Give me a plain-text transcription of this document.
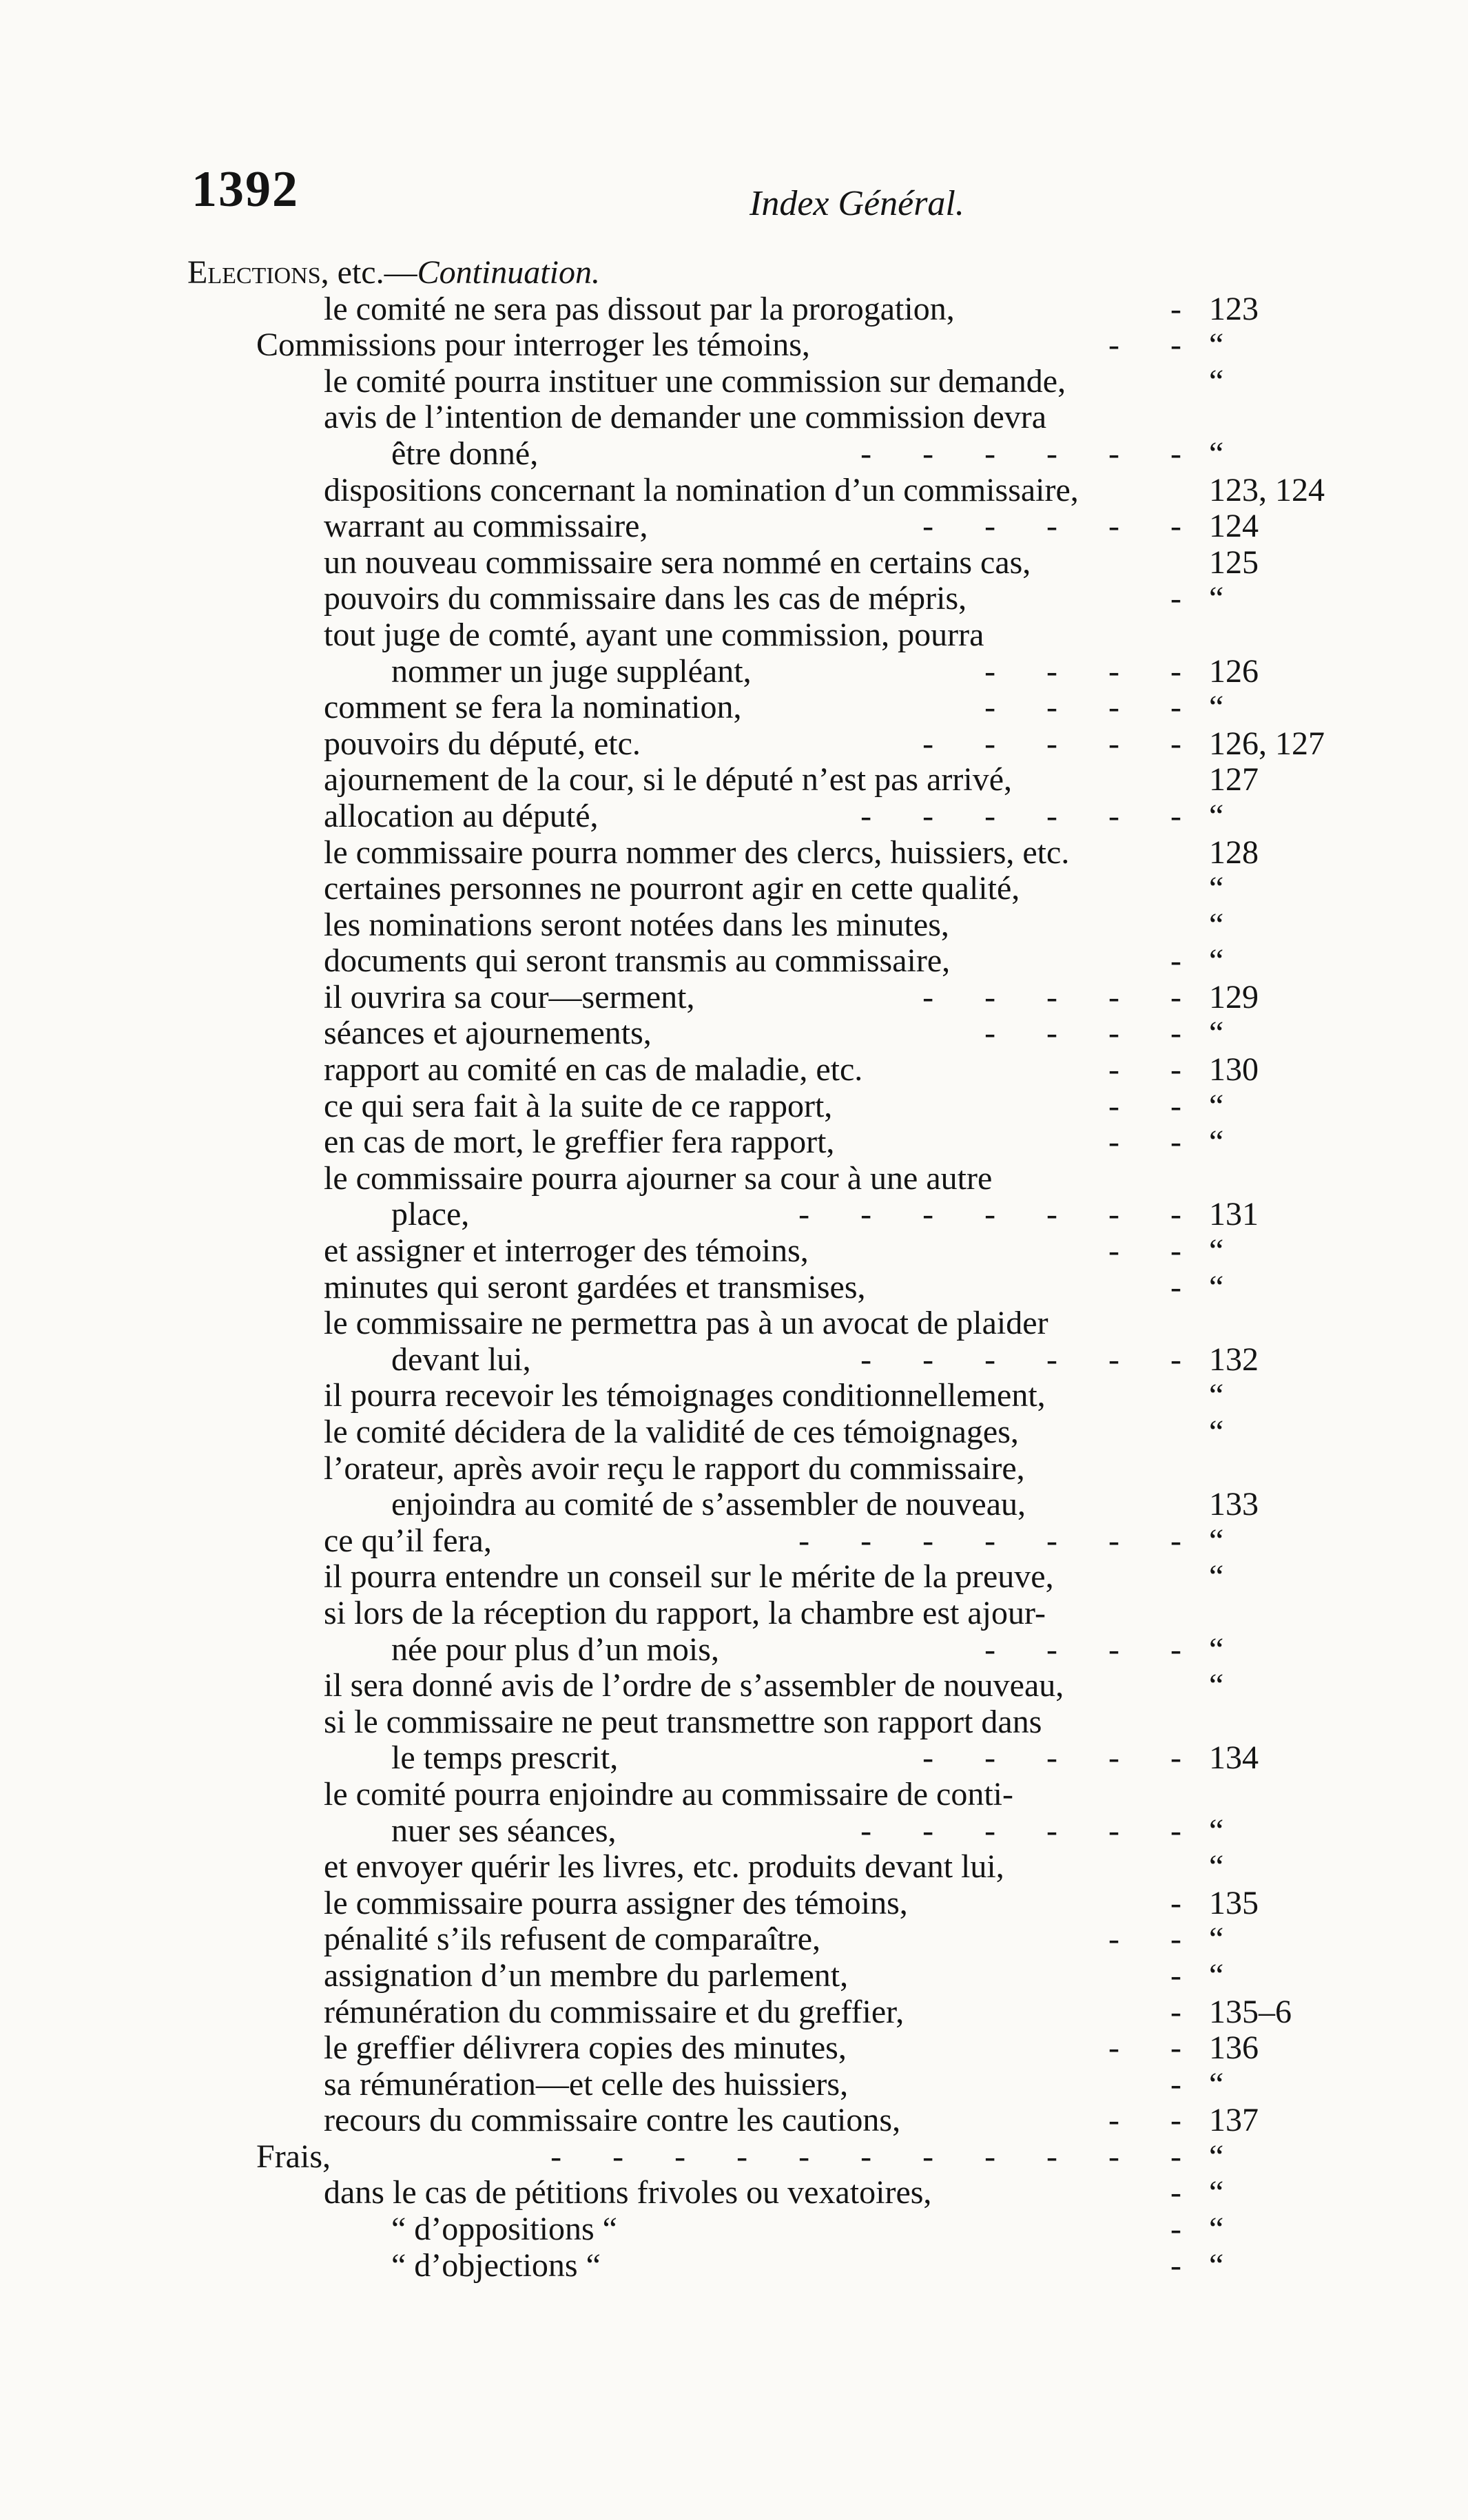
1392	Index Général.
Elections, etc.—Continuation.
le comité ne sera pas dissout par la prorogation,	- 123
Commissions pour interroger les témoins,	- - “
le comité pourra instituer une commission sur demande,	“
avis de l’intention de demander une commission devra
être donné,	- - - - - - “
dispositions concernant la nomination d’un commissaire,	123, 124
warrant au commissaire,	- - - - - 124
un nouveau commissaire sera nommé en certains cas,	125
pouvoirs du commissaire dans les cas de mépris,	- “
tout juge de comté, ayant une commission, pourra
nommer un juge suppléant,	- - - - 126
comment se fera la nomination,	- - - - “
pouvoirs du député, etc.	- - - - - 126, 127
ajournement de la cour, si le député n’est pas arrivé,	127
allocation au député,	- - - - - - “
le commissaire pourra nommer des clercs, huissiers, etc.	128
certaines personnes ne pourront agir en cette qualité,	“
les nominations seront notées dans les minutes,	“
documents qui seront transmis au commissaire,	- “
il ouvrira sa cour—serment,	- - - - - 129
séances et ajournements,	- - - - “
rapport au comité en cas de maladie, etc.	- - 130
ce qui sera fait à la suite de ce rapport,	- - “
en cas de mort, le greffier fera rapport,	- - “
le commissaire pourra ajourner sa cour à une autre
place,	- - - - - - - 131
et assigner et interroger des témoins,	- - “
minutes qui seront gardées et transmises,	- “
le commissaire ne permettra pas à un avocat de plaider
devant lui,	- - - - - - 132
il pourra recevoir les témoignages conditionnellement,	“
le comité décidera de la validité de ces témoignages,	“
l’orateur, après avoir reçu le rapport du commissaire,
enjoindra au comité de s’assembler de nouveau,	133
ce qu’il fera,	- - - - - - - “
il pourra entendre un conseil sur le mérite de la preuve,	“
si lors de la réception du rapport, la chambre est ajour-
née pour plus d’un mois,	- - - - “
il sera donné avis de l’ordre de s’assembler de nouveau,	“
si le commissaire ne peut transmettre son rapport dans
le temps prescrit,	- - - - - 134
le comité pourra enjoindre au commissaire de conti-
nuer ses séances,	- - - - - - “
et envoyer quérir les livres, etc. produits devant lui,	“
le commissaire pourra assigner des témoins,	- 135
pénalité s’ils refusent de comparaître,	- - “
assignation d’un membre du parlement,	- “
rémunération du commissaire et du greffier,	- 135–6
le greffier délivrera copies des minutes,	- - 136
sa rémunération—et celle des huissiers,	- “
recours du commissaire contre les cautions,	- - 137
Frais,	- - - - - - - - - - - “
dans le cas de pétitions frivoles ou vexatoires,	- “
“ d’oppositions “	- “
“ d’objections “	- “
